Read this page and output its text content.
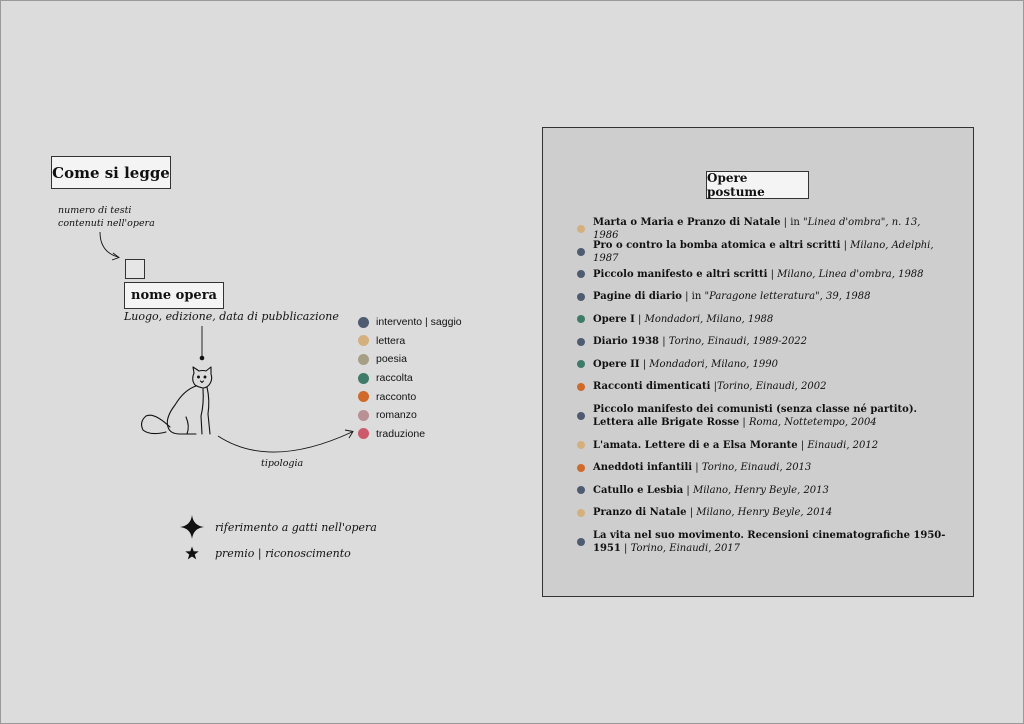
Come si legge
numero di testi
contenuti nell'opera
nome opera
Luogo, edizione, data di pubblicazione
tipologia
intervento | saggio
lettera
poesia
raccolta
racconto
romanzo
traduzione
riferimento a gatti nell'opera
premio | riconoscimento
Opere postume
Marta o Maria e Pranzo di Natale | in "Linea d'ombra", n. 13, 1986
Pro o contro la bomba atomica e altri scritti | Milano, Adelphi, 1987
Piccolo manifesto e altri scritti | Milano, Linea d'ombra, 1988
Pagine di diario | in "Paragone letteratura", 39, 1988
Opere I | Mondadori, Milano, 1988
Diario 1938 | Torino, Einaudi, 1989-2022
Opere II | Mondadori, Milano, 1990
Racconti dimenticati |Torino, Einaudi, 2002
Piccolo manifesto dei comunisti (senza classe né partito). Lettera alle Brigate Rosse | Roma, Nottetempo, 2004
L'amata. Lettere di e a Elsa Morante | Einaudi, 2012
Aneddoti infantili | Torino, Einaudi, 2013
Catullo e Lesbia | Milano, Henry Beyle, 2013
Pranzo di Natale | Milano, Henry Beyle, 2014
La vita nel suo movimento. Recensioni cinematografiche 1950-1951 | Torino, Einaudi, 2017
